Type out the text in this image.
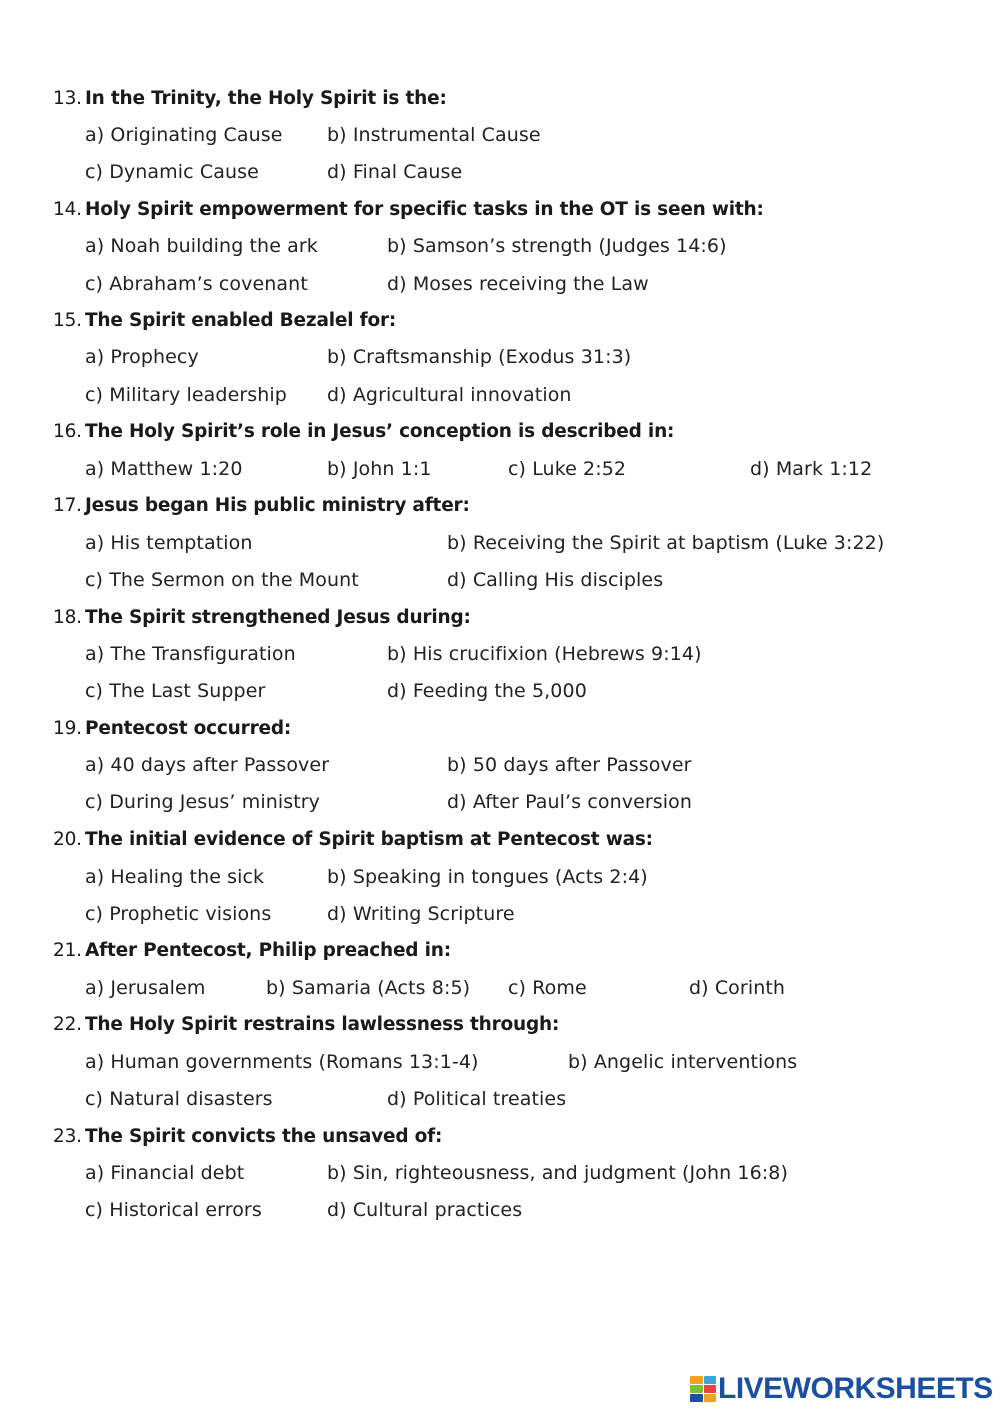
13. In the Trinity, the Holy Spirit is the:
a) Originating Cause b) Instrumental Cause
c) Dynamic Cause	d) Final Cause
14. Holy Spirit empowerment for specific tasks in the OT is seen with:
a) Noah building the ark	b) Samson’s strength (Judges 14:6)
c) Abraham’s covenant	d) Moses receiving the Law
15. The Spirit enabled Bezalel for:
a) Prophecy	b) Craftsmanship (Exodus 31:3)
c) Military leadership d) Agricultural innovation
16. The Holy Spirit’s role in Jesus’ conception is described in:
a) Matthew 1:20	b) John 1:1	c) Luke 2:52	d) Mark 1:12
17. Jesus began His public ministry after:
a) His temptation	b) Receiving the Spirit at baptism (Luke 3:22)
c) The Sermon on the Mount	d) Calling His disciples
18. The Spirit strengthened Jesus during:
a) The Transfiguration	b) His crucifixion (Hebrews 9:14)
c) The Last Supper	d) Feeding the 5,000
19. Pentecost occurred:
a) 40 days after Passover	b) 50 days after Passover
c) During Jesus’ ministry	d) After Paul’s conversion
20. The initial evidence of Spirit baptism at Pentecost was:
a) Healing the sick	b) Speaking in tongues (Acts 2:4)
c) Prophetic visions	d) Writing Scripture
21. After Pentecost, Philip preached in:
a) Jerusalem	b) Samaria (Acts 8:5) c) Rome	d) Corinth
22. The Holy Spirit restrains lawlessness through:
a) Human governments (Romans 13:1-4)	b) Angelic interventions
c) Natural disasters	d) Political treaties
23. The Spirit convicts the unsaved of:
a) Financial debt	b) Sin, righteousness, and judgment (John 16:8)
c) Historical errors	d) Cultural practices
LIVEWORKSHEETS
